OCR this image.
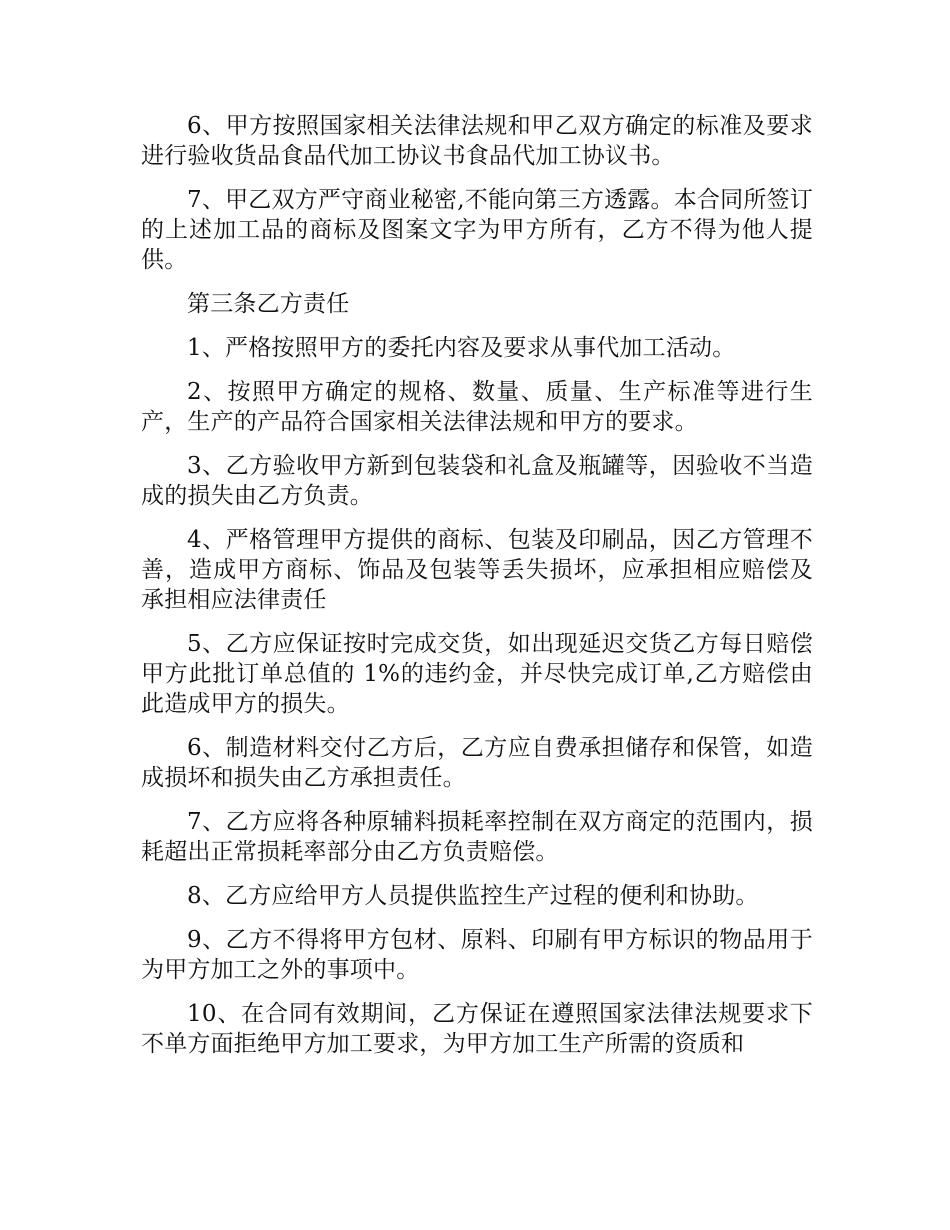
6、甲方按照国家相关法律法规和甲乙双方确定的标准及要求进行验收货品食品代加工协议书食品代加工协议书。

7、甲乙双方严守商业秘密,不能向第三方透露。本合同所签订的上述加工品的商标及图案文字为甲方所有，乙方不得为他人提供。

第三条乙方责任

1、严格按照甲方的委托内容及要求从事代加工活动。

2、按照甲方确定的规格、数量、质量、生产标准等进行生产，生产的产品符合国家相关法律法规和甲方的要求。

3、乙方验收甲方新到包装袋和礼盒及瓶罐等，因验收不当造成的损失由乙方负责。

4、严格管理甲方提供的商标、包装及印刷品，因乙方管理不善，造成甲方商标、饰品及包装等丢失损坏，应承担相应赔偿及承担相应法律责任

5、乙方应保证按时完成交货，如出现延迟交货乙方每日赔偿甲方此批订单总值的 1%的违约金，并尽快完成订单,乙方赔偿由此造成甲方的损失。

6、制造材料交付乙方后，乙方应自费承担储存和保管，如造成损坏和损失由乙方承担责任。

7、乙方应将各种原辅料损耗率控制在双方商定的范围内，损耗超出正常损耗率部分由乙方负责赔偿。

8、乙方应给甲方人员提供监控生产过程的便利和协助。

9、乙方不得将甲方包材、原料、印刷有甲方标识的物品用于为甲方加工之外的事项中。

10、在合同有效期间，乙方保证在遵照国家法律法规要求下不单方面拒绝甲方加工要求，为甲方加工生产所需的资质和
